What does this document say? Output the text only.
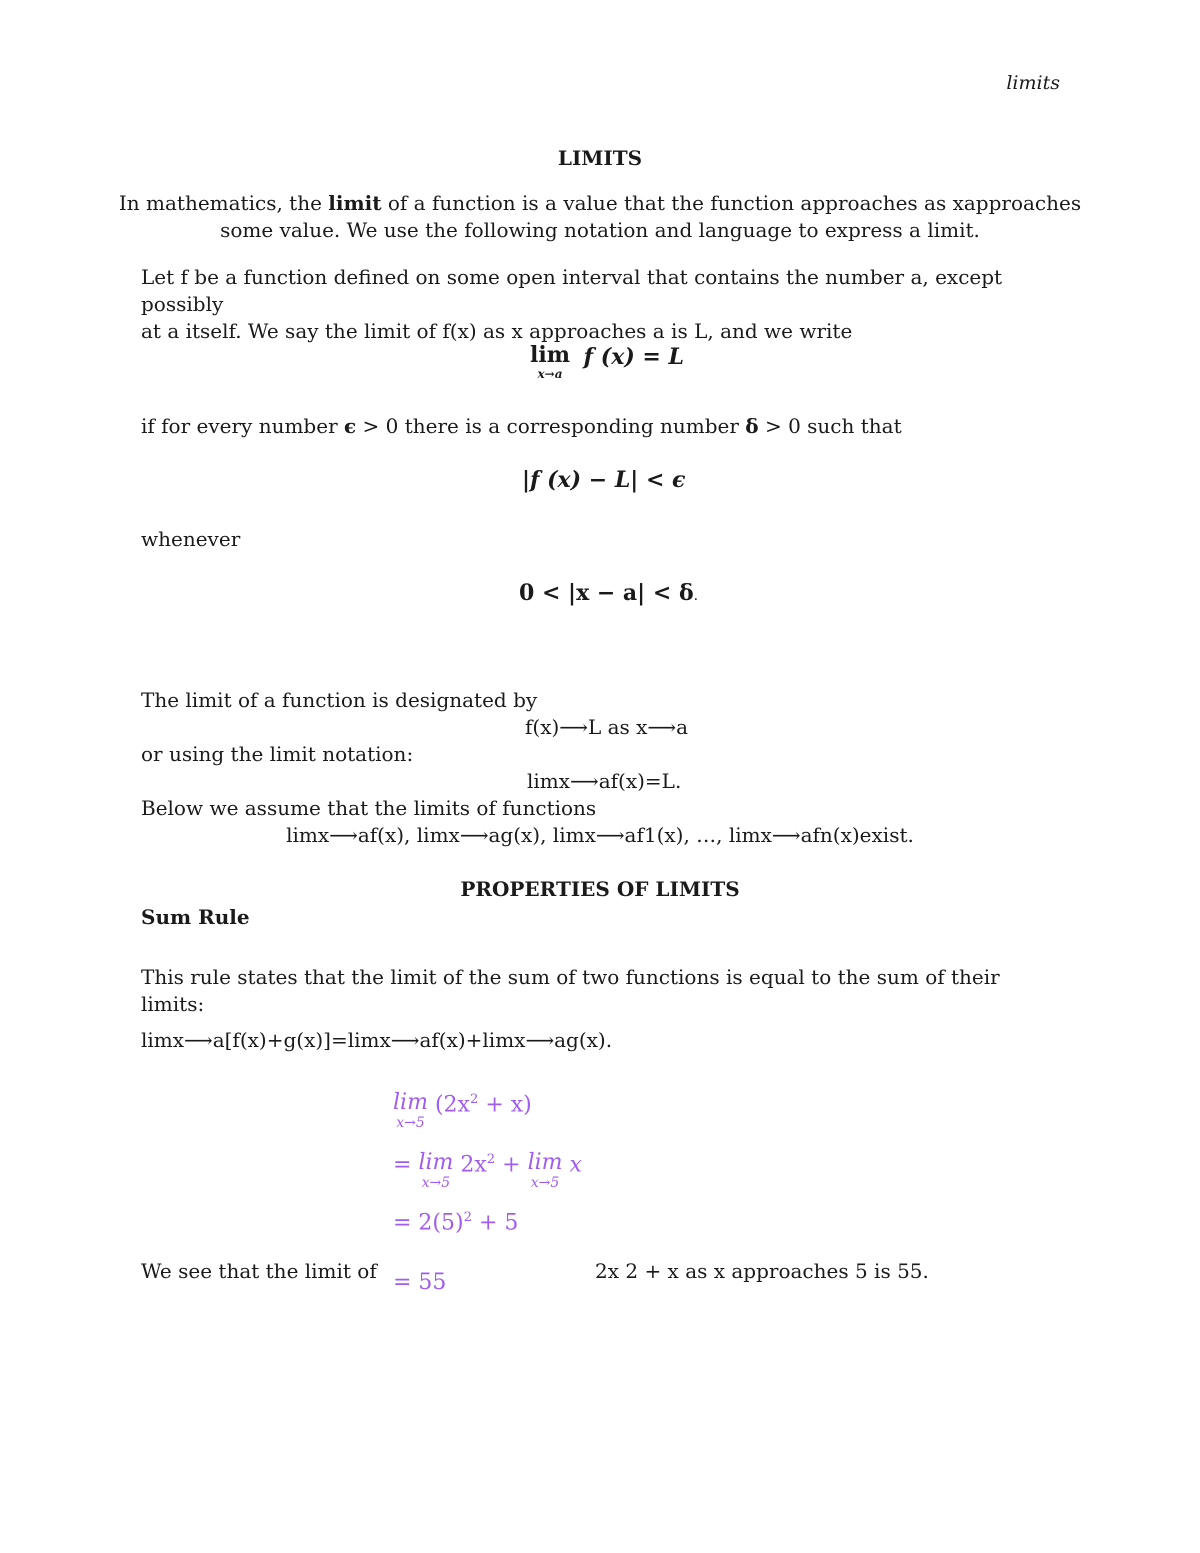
limits
LIMITS
In mathematics, the limit of a function is a value that the function approaches as xapproaches
some value. We use the following notation and language to express a limit.
Let f be a function defined on some open interval that contains the number a, except possibly
at a itself. We say the limit of f(x) as x approaches a is L, and we write
lim
x→a
f (x) = L
if for every number ϵ > 0 there is a corresponding number δ > 0 such that
|f (x) − L| < ϵ
whenever
0 < |x − a| < δ.
The limit of a function is designated by
f(x)⟶L as x⟶a
or using the limit notation:
limx⟶af(x)=L.
Below we assume that the limits of functions
limx⟶af(x), limx⟶ag(x), limx⟶af1(x), …, limx⟶afn(x)exist.
PROPERTIES OF LIMITS
Sum Rule
This rule states that the limit of the sum of two functions is equal to the sum of their limits:
limx⟶a[f(x)+g(x)]=limx⟶af(x)+limx⟶ag(x).
lim
x→5
$(2x^2 + x)$
= lim
x→5
$2x^2 + \lim$
x→5
x
= $2(5)^2 + 5$
We see that the limit of = 55	2x 2 + x as x approaches 5 is 55.
